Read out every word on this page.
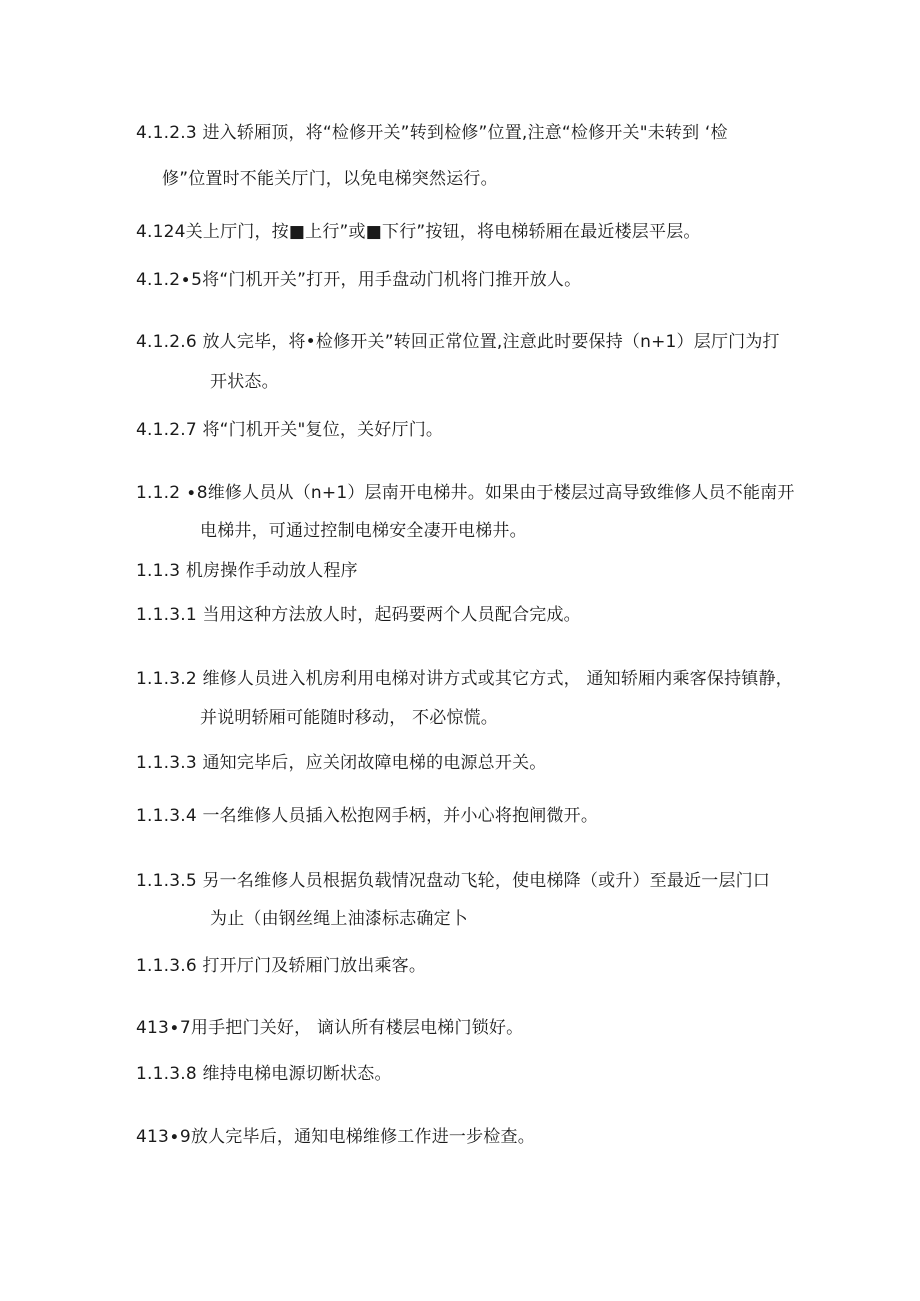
4.1.2.3 进入轿厢顶，将“检修开关”转到检修”位置,注意“检修开关"未转到 ‘检
修”位置时不能关厅门，以免电梯突然运行。
4.124关上厅门，按■上行”或■下行”按钮，将电梯轿厢在最近楼层平层。
4.1.2∙5将“门机开关”打开，用手盘动门机将门推开放人。
4.1.2.6 放人完毕，将•检修开关”转回正常位置,注意此时要保持（n+1）层厅门为打
开状态。
4.1.2.7 将“门机开关"复位，关好厅门。
1.1.2 ∙8维修人员从（n+1）层南开电梯井。如果由于楼层过高导致维修人员不能南开
电梯井，可通过控制电梯安全凄开电梯井。
1.1.3 机房操作手动放人程序
1.1.3.1 当用这种方法放人时，起码要两个人员配合完成。
1.1.3.2 维修人员进入机房利用电梯对讲方式或其它方式， 通知轿厢内乘客保持镇静，
并说明轿厢可能随时移动， 不必惊慌。
1.1.3.3 通知完毕后，应关闭故障电梯的电源总开关。
1.1.3.4 一名维修人员插入松抱网手柄，并小心将抱闸微开。
1.1.3.5 另一名维修人员根据负载情况盘动飞轮，使电梯降（或升）至最近一层门口
为止（由钢丝绳上油漆标志确定卜
1.1.3.6 打开厅门及轿厢门放出乘客。
413∙7用手把门关好， 谪认所有楼层电梯门锁好。
1.1.3.8 维持电梯电源切断状态。
413∙9放人完毕后，通知电梯维修工作进一步检查。
